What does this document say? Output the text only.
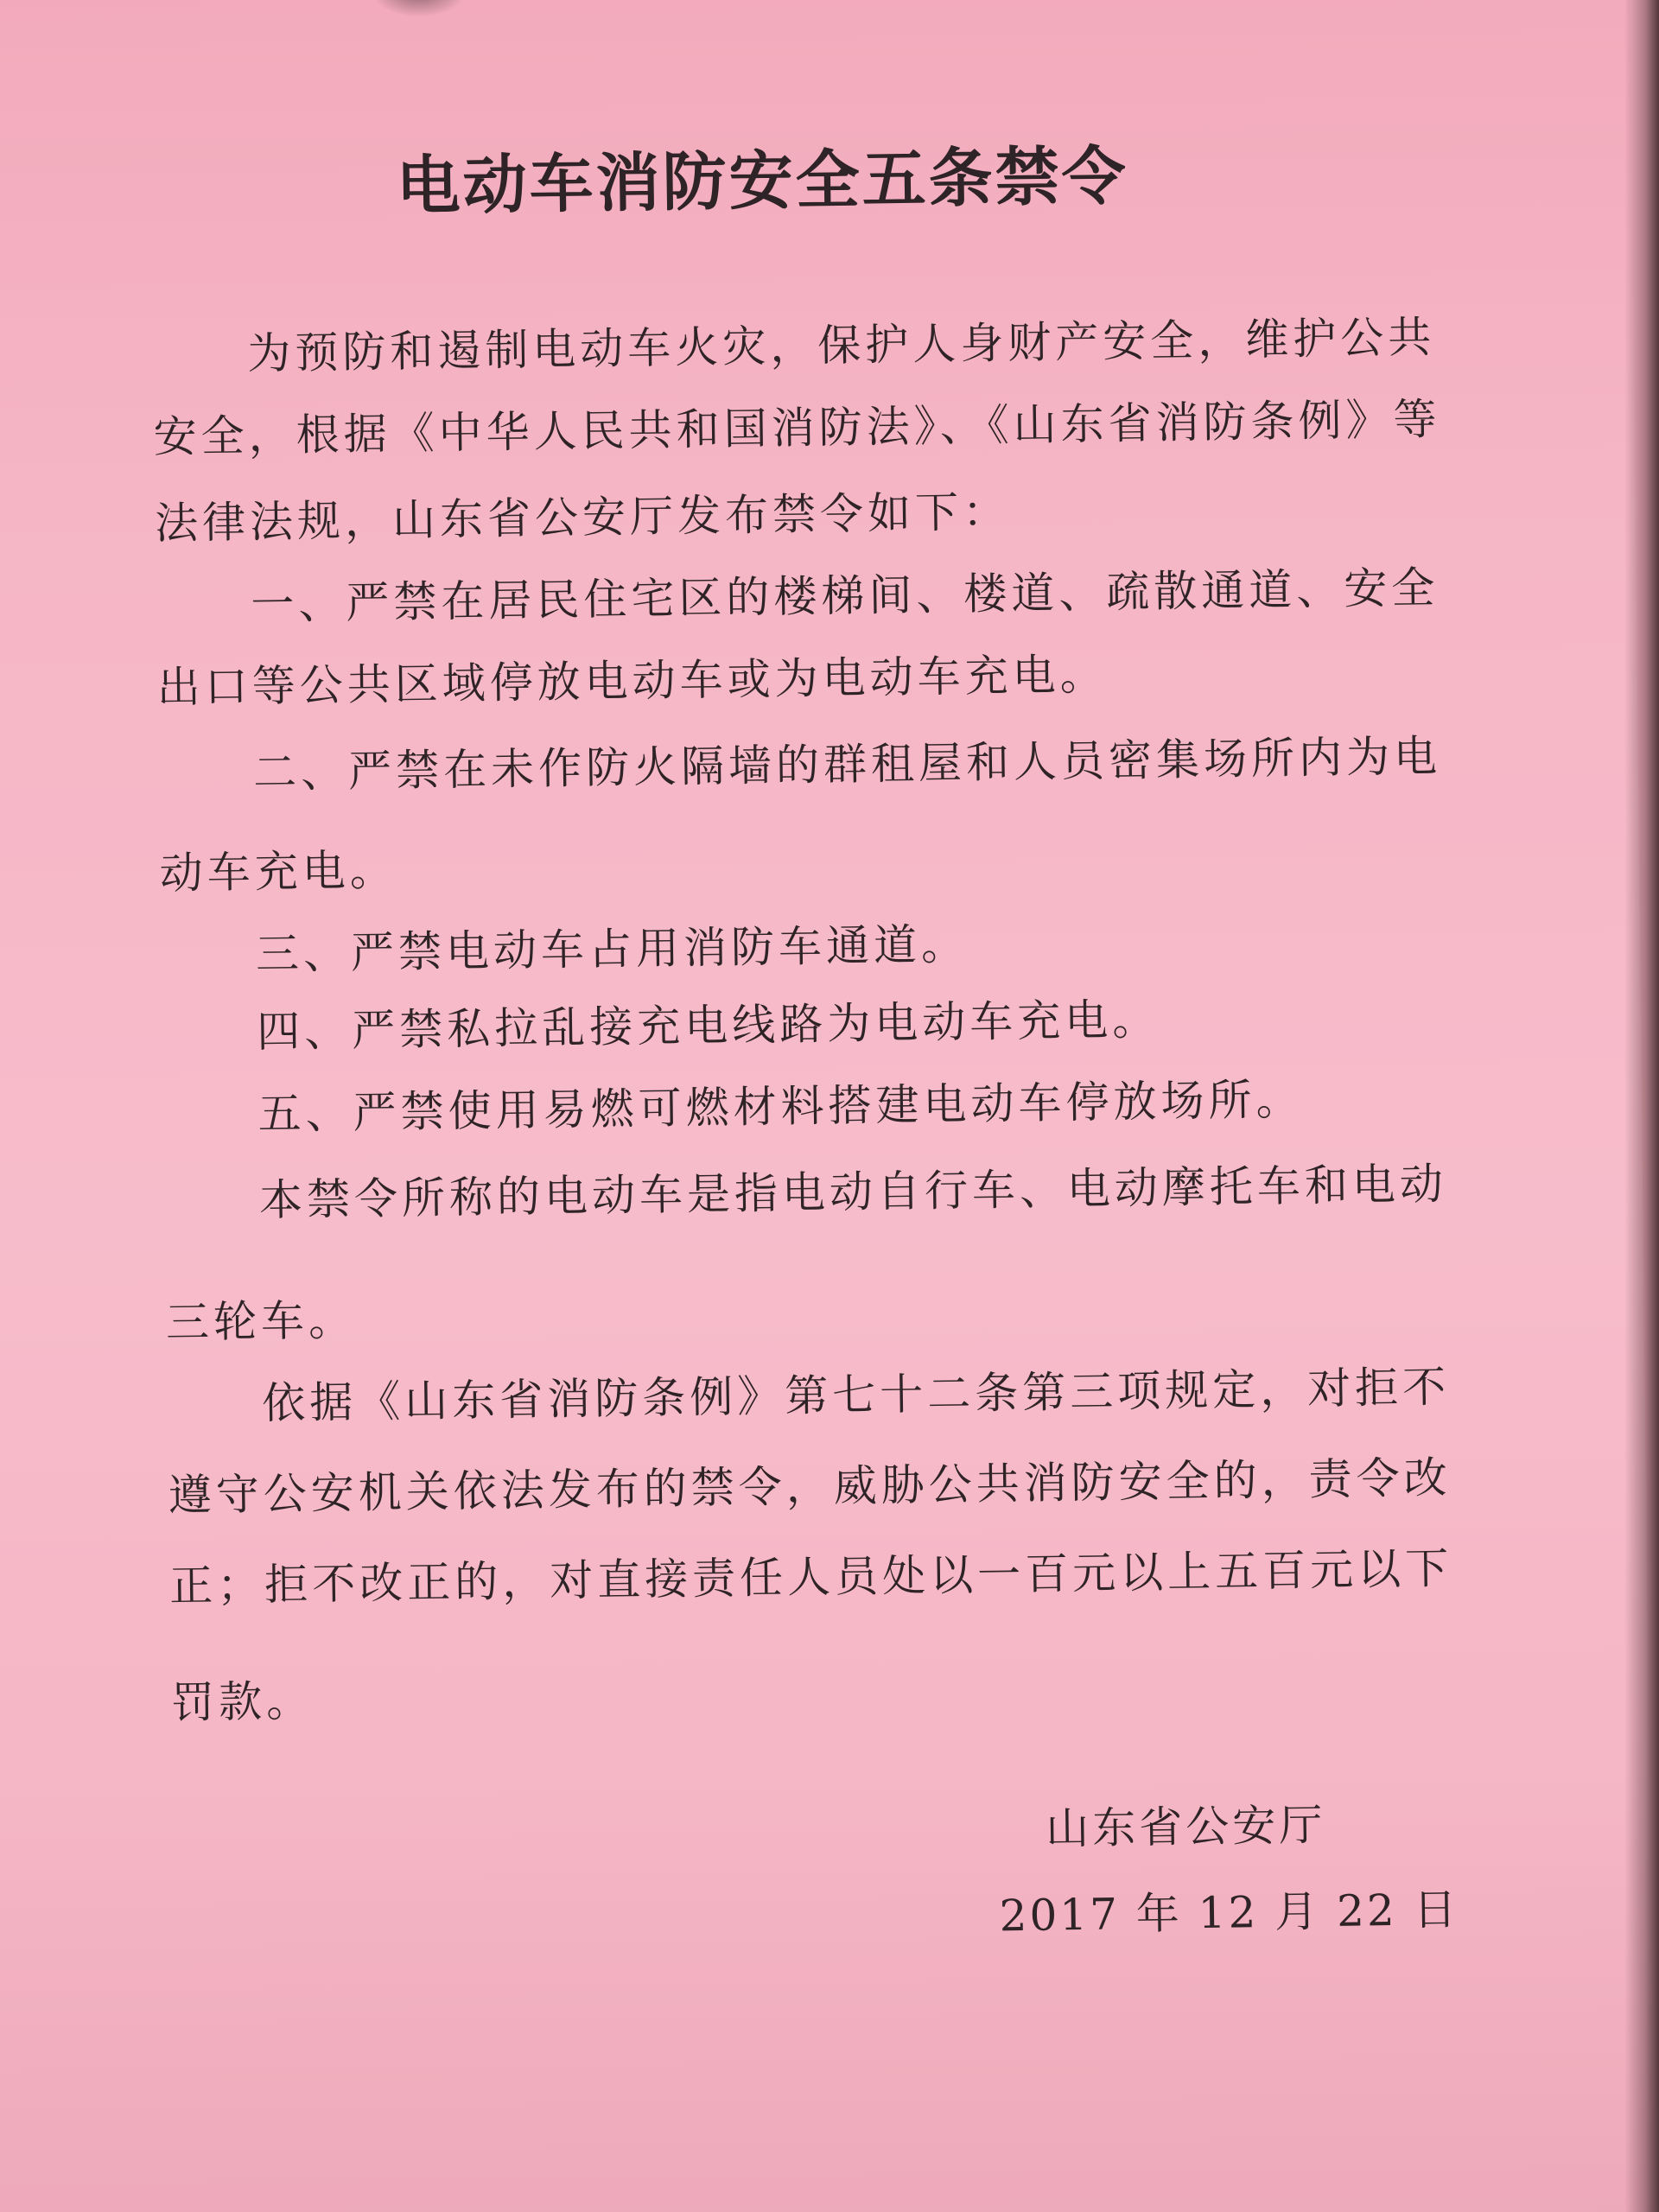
电动车消防安全五条禁令
为预防和遏制电动车火灾，保护人身财产安全，维护公共
安全，根据《中华人民共和国消防法》、《山东省消防条例》等
法律法规，山东省公安厅发布禁令如下：
一、严禁在居民住宅区的楼梯间、楼道、疏散通道、安全
出口等公共区域停放电动车或为电动车充电。
二、严禁在未作防火隔墙的群租屋和人员密集场所内为电
动车充电。
三、严禁电动车占用消防车通道。
四、严禁私拉乱接充电线路为电动车充电。
五、严禁使用易燃可燃材料搭建电动车停放场所。
本禁令所称的电动车是指电动自行车、电动摩托车和电动
三轮车。
依据《山东省消防条例》第七十二条第三项规定，对拒不
遵守公安机关依法发布的禁令，威胁公共消防安全的，责令改
正；拒不改正的，对直接责任人员处以一百元以上五百元以下
罚款。
山东省公安厅
2017 年 12 月 22 日
